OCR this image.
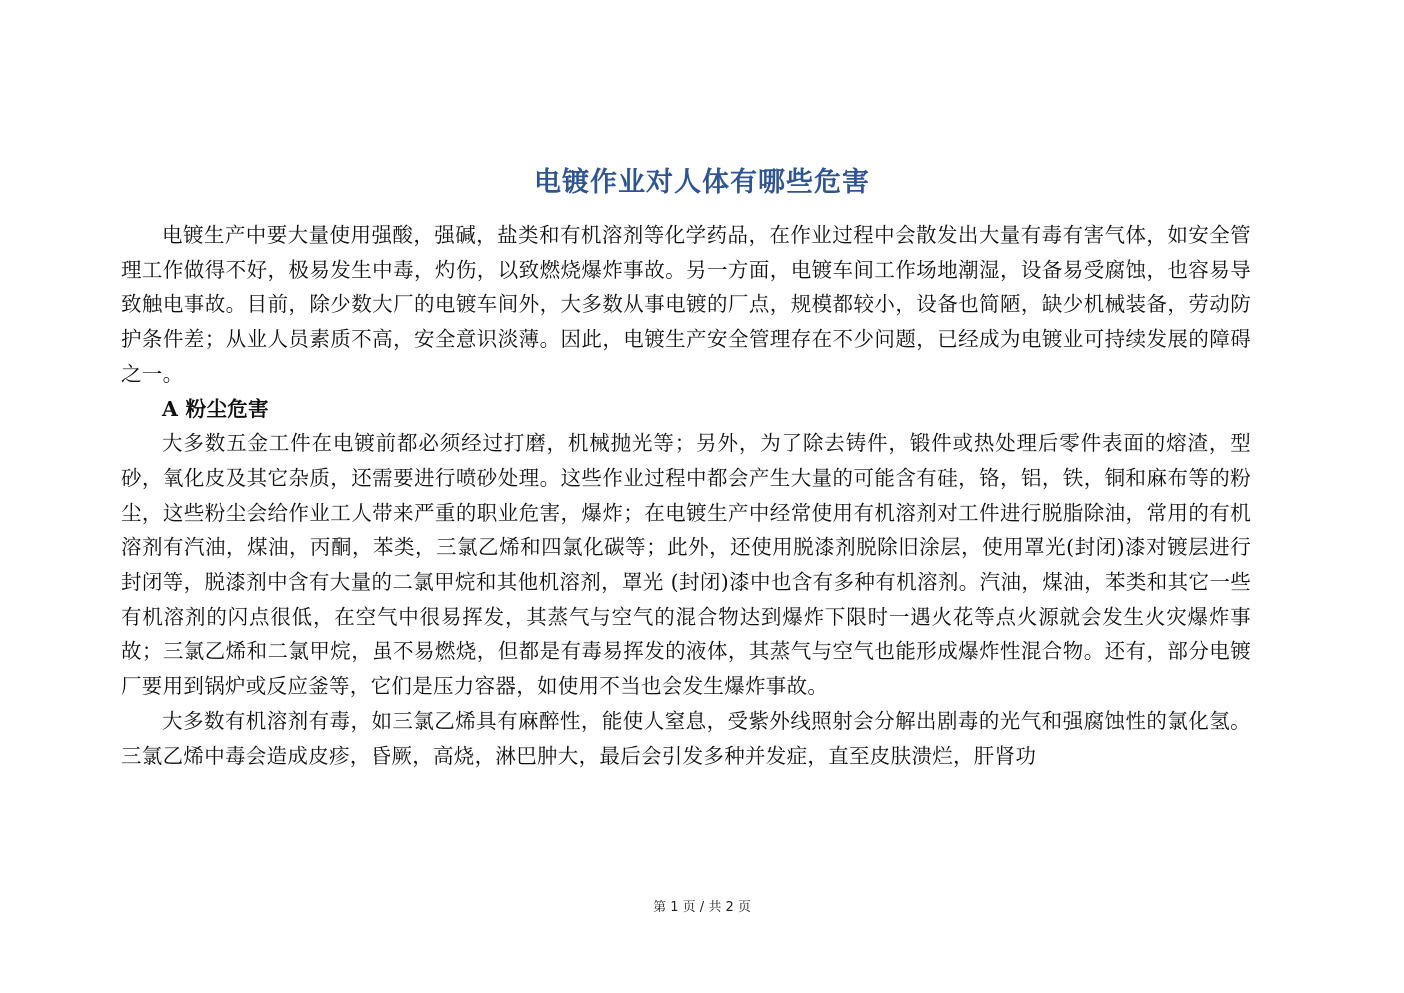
电镀作业对人体有哪些危害

电镀生产中要大量使用强酸，强碱，盐类和有机溶剂等化学药品，在作业过程中会散发出大量有毒有害气体，如安全管理工作做得不好，极易发生中毒，灼伤，以致燃烧爆炸事故。另一方面，电镀车间工作场地潮湿，设备易受腐蚀，也容易导致触电事故。目前，除少数大厂的电镀车间外，大多数从事电镀的厂点，规模都较小，设备也简陋，缺少机械装备，劳动防护条件差；从业人员素质不高，安全意识淡薄。因此，电镀生产安全管理存在不少问题，已经成为电镀业可持续发展的障碍之一。

A 粉尘危害

大多数五金工件在电镀前都必须经过打磨，机械抛光等；另外，为了除去铸件，锻件或热处理后零件表面的熔渣，型砂，氧化皮及其它杂质，还需要进行喷砂处理。这些作业过程中都会产生大量的可能含有硅，铬，铝，铁，铜和麻布等的粉尘，这些粉尘会给作业工人带来严重的职业危害，爆炸；在电镀生产中经常使用有机溶剂对工件进行脱脂除油，常用的有机溶剂有汽油，煤油，丙酮，苯类，三氯乙烯和四氯化碳等；此外，还使用脱漆剂脱除旧涂层，使用罩光(封闭)漆对镀层进行封闭等，脱漆剂中含有大量的二氯甲烷和其他机溶剂，罩光 (封闭)漆中也含有多种有机溶剂。汽油，煤油，苯类和其它一些有机溶剂的闪点很低，在空气中很易挥发，其蒸气与空气的混合物达到爆炸下限时一遇火花等点火源就会发生火灾爆炸事故；三氯乙烯和二氯甲烷，虽不易燃烧，但都是有毒易挥发的液体，其蒸气与空气也能形成爆炸性混合物。还有，部分电镀厂要用到锅炉或反应釜等，它们是压力容器，如使用不当也会发生爆炸事故。

大多数有机溶剂有毒，如三氯乙烯具有麻醉性，能使人窒息，受紫外线照射会分解出剧毒的光气和强腐蚀性的氯化氢。三氯乙烯中毒会造成皮疹，昏厥，高烧，淋巴肿大，最后会引发多种并发症，直至皮肤溃烂，肝肾功

第 1 页 / 共 2 页
